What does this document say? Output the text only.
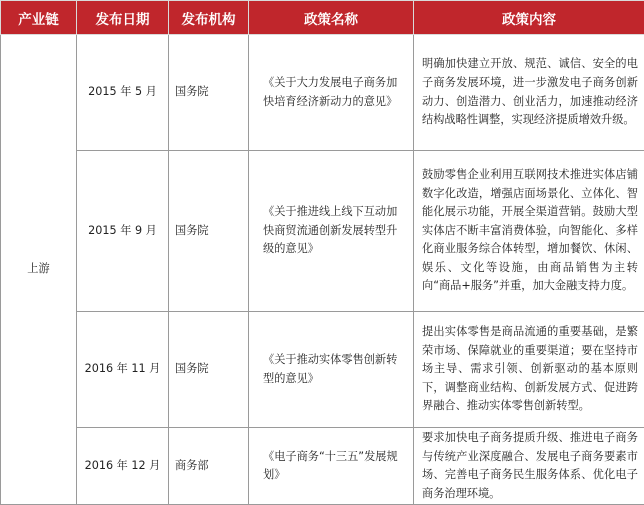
产业链	发布日期	发布机构	政策名称	政策内容
上游	2015 年 5 月	国务院	《关于大力发展电子商务加快培育经济新动力的意见》	明确加快建立开放、规范、诚信、安全的电子商务发展环境，进一步激发电子商务创新动力、创造潜力、创业活力，加速推动经济结构战略性调整，实现经济提质增效升级。
	2015 年 9 月	国务院	《关于推进线上线下互动加快商贸流通创新发展转型升级的意见》	鼓励零售企业利用互联网技术推进实体店铺数字化改造，增强店面场景化、立体化、智能化展示功能，开展全渠道营销。鼓励大型实体店不断丰富消费体验，向智能化、多样化商业服务综合体转型，增加餐饮、休闲、娱乐、文化等设施，由商品销售为主转向“商品+服务”并重，加大金融支持力度。
	2016 年 11 月	国务院	《关于推动实体零售创新转型的意见》	提出实体零售是商品流通的重要基础，是繁荣市场、保障就业的重要渠道；要在坚持市场主导、需求引领、创新驱动的基本原则下，调整商业结构、创新发展方式、促进跨界融合、推动实体零售创新转型。
	2016 年 12 月	商务部	《电子商务“十三五”发展规划》	要求加快电子商务提质升级、推进电子商务与传统产业深度融合、发展电子商务要素市场、完善电子商务民生服务体系、优化电子商务治理环境。
